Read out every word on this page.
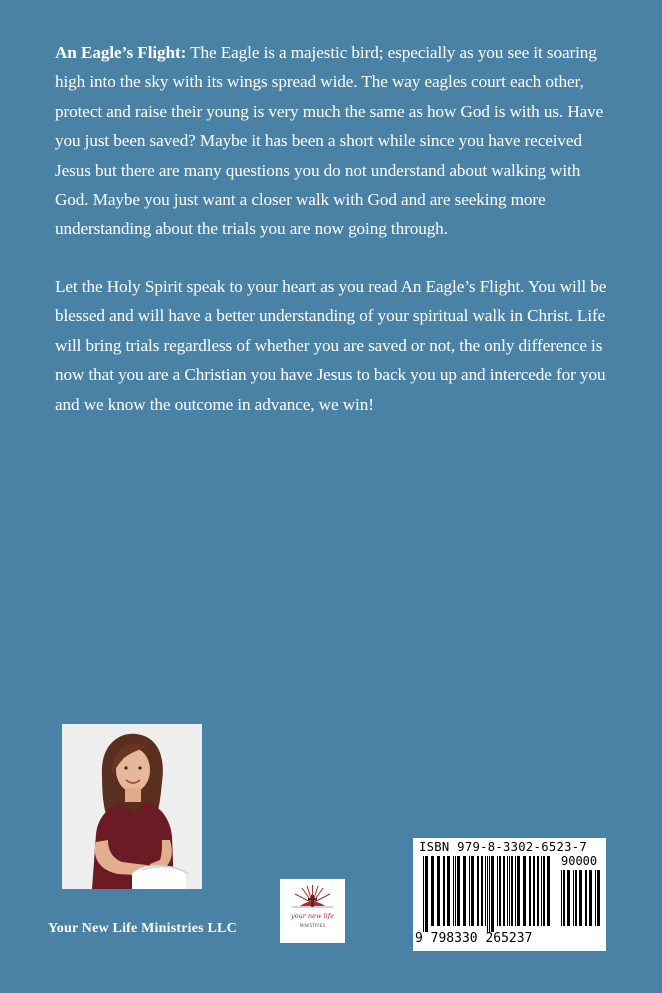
An Eagle’s Flight: The Eagle is a majestic bird; especially as you see it soaring high into the sky with its wings spread wide. The way eagles court each other, protect and raise their young is very much the same as how God is with us. Have you just been saved? Maybe it has been a short while since you have received Jesus but there are many questions you do not understand about walking with God. Maybe you just want a closer walk with God and are seeking more understanding about the trials you are now going through.

Let the Holy Spirit speak to your heart as you read An Eagle’s Flight. You will be blessed and will have a better understanding of your spiritual walk in Christ. Life will bring trials regardless of whether you are saved or not, the only difference is now that you are a Christian you have Jesus to back you up and intercede for you and we know the outcome in advance, we win!

Your New Life Ministries LLC
your new life
MINISTRIES
ISBN 979-8-3302-6523-7
90000
9 798330 265237
